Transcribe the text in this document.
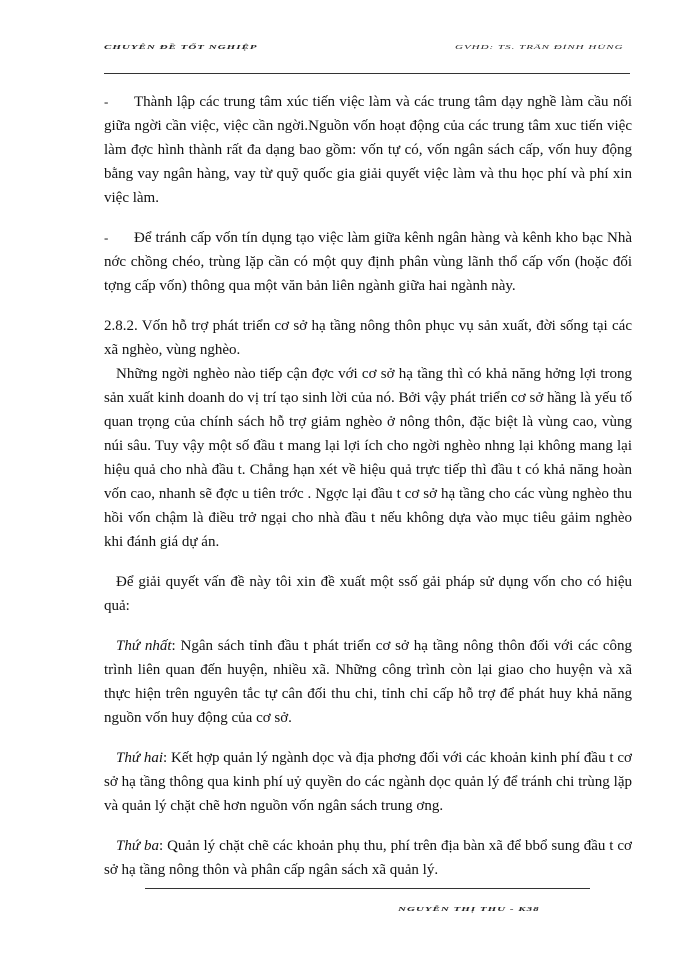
CHUYÊN ĐỀ TỐT NGHIỆP	GVHD: TS. TRẦN ĐÌNH HÙNG

- Thành lập các trung tâm xúc tiến việc làm và các trung tâm dạy nghề làm cầu nối giữa ngời cần việc, việc cần ngời.Nguồn vốn hoạt động của các trung tâm xuc tiến việc làm đợc hình thành rất đa dạng bao gồm: vốn tự có, vốn ngân sách cấp, vốn huy động bằng vay ngân hàng, vay từ quỹ quốc gia giải quyết việc làm và thu học phí và phí xin việc làm.

- Để tránh cấp vốn tín dụng tạo việc làm giữa kênh ngân hàng và kênh kho bạc Nhà nớc chồng chéo, trùng lặp cần có một quy định phân vùng lãnh thổ cấp vốn (hoặc đối tợng cấp vốn) thông qua một văn bản liên ngành giữa hai ngành này.

2.8.2. Vốn hỗ trợ phát triển cơ sở hạ tầng nông thôn phục vụ sản xuất, đời sống tại các xã nghèo, vùng nghèo.

Những ngời nghèo nào tiếp cận đợc với cơ sở hạ tầng thì có khả năng hởng lợi trong sản xuất kinh doanh do vị trí tạo sinh lời của nó. Bởi vậy phát triển cơ sở hầng là yếu tố quan trọng của chính sách hỗ trợ giảm nghèo ở nông thôn, đặc biệt là vùng cao, vùng núi sâu. Tuy vậy một số đầu t mang lại lợi ích cho ngời nghèo nhng lại không mang lại hiệu quả cho nhà đầu t. Chẳng hạn xét về hiệu quả trực tiếp thì đầu t có khả năng hoàn vốn cao, nhanh sẽ đợc u tiên trớc . Ngợc lại đầu t cơ sở hạ tầng cho các vùng nghèo thu hồi vốn chậm là điều trở ngại cho nhà đầu t nếu không dựa vào mục tiêu gảim nghèo khi đánh giá dự án.

Để giải quyết vấn đề này tôi xin đề xuất một ssố gải pháp sử dụng vốn cho có hiệu quả:

Thứ nhất: Ngân sách tỉnh đầu t phát triển cơ sở hạ tầng nông thôn đối với các công trình liên quan đến huyện, nhiều xã. Những công trình còn lại giao cho huyện và xã thực hiện trên nguyên tắc tự cân đối thu chi, tỉnh chỉ cấp hỗ trợ để phát huy khả năng nguồn vốn huy động của cơ sở.

Thứ hai: Kết hợp quản lý ngành dọc và địa phơng đối với các khoản kinh phí đầu t cơ sở hạ tầng thông qua kinh phí uỷ quyền do các ngành dọc quản lý để tránh chi trùng lặp và quản lý chặt chẽ hơn nguồn vốn ngân sách trung ơng.

Thứ ba: Quản lý chặt chẽ các khoản phụ thu, phí trên địa bàn xã để bbổ sung đầu t cơ sở hạ tầng nông thôn và phân cấp ngân sách xã quản lý.

NGUYỄN THỊ THU - K38
